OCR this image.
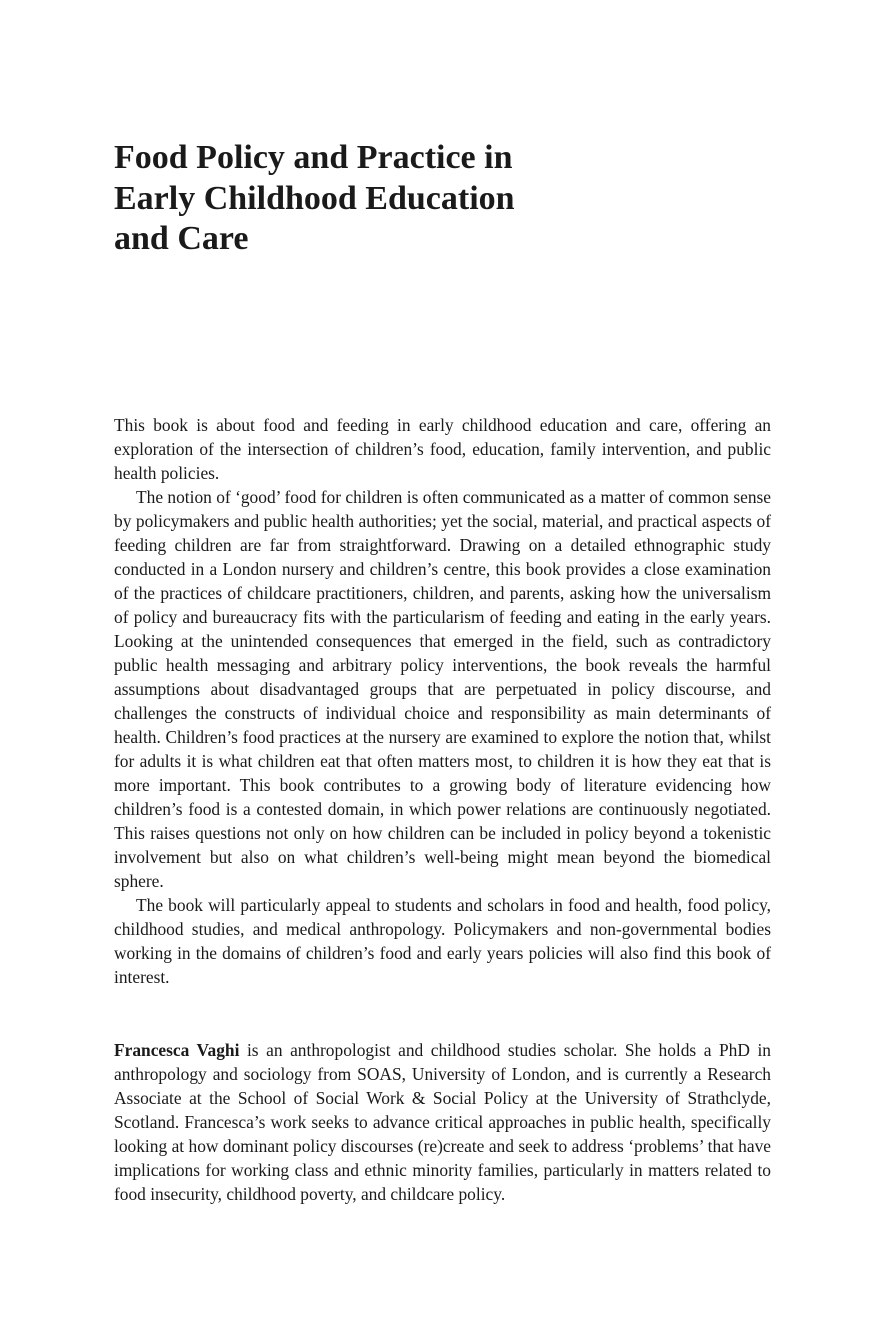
Food Policy and Practice in
Early Childhood Education
and Care

This book is about food and feeding in early childhood education and care, offering an exploration of the intersection of children’s food, education, family intervention, and public health policies.

The notion of ‘good’ food for children is often communicated as a matter of common sense by policymakers and public health authorities; yet the social, material, and practical aspects of feeding children are far from straightforward. Drawing on a detailed ethnographic study conducted in a London nursery and children’s centre, this book provides a close examination of the practices of childcare practitioners, children, and parents, asking how the universalism of policy and bureaucracy fits with the particularism of feeding and eating in the early years. Looking at the unintended consequences that emerged in the field, such as contradictory public health messaging and arbitrary policy interventions, the book reveals the harmful assumptions about disadvantaged groups that are perpetuated in policy discourse, and challenges the constructs of individual choice and responsibility as main determinants of health. Children’s food practices at the nursery are examined to explore the notion that, whilst for adults it is what children eat that often matters most, to children it is how they eat that is more important. This book contributes to a growing body of literature evidencing how children’s food is a contested domain, in which power relations are continuously negotiated. This raises questions not only on how children can be included in policy beyond a tokenistic involvement but also on what children’s well-being might mean beyond the biomedical sphere.

The book will particularly appeal to students and scholars in food and health, food policy, childhood studies, and medical anthropology. Policymakers and non-governmental bodies working in the domains of children’s food and early years policies will also find this book of interest.

Francesca Vaghi is an anthropologist and childhood studies scholar. She holds a PhD in anthropology and sociology from SOAS, University of London, and is currently a Research Associate at the School of Social Work & Social Policy at the University of Strathclyde, Scotland. Francesca’s work seeks to advance critical approaches in public health, specifically looking at how dominant policy discourses (re)create and seek to address ‘problems’ that have implications for working class and ethnic minority families, particularly in matters related to food insecurity, childhood poverty, and childcare policy.
